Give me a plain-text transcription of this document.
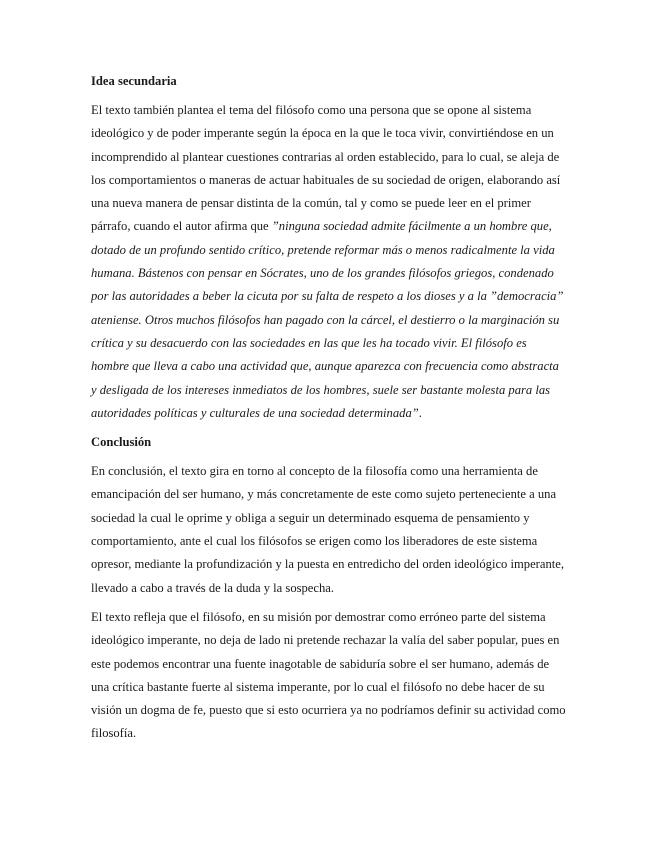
Idea secundaria

El texto también plantea el tema del filósofo como una persona que se opone al sistema ideológico y de poder imperante según la época en la que le toca vivir, convirtiéndose en un incomprendido al plantear cuestiones contrarias al orden establecido, para lo cual, se aleja de los comportamientos o maneras de actuar habituales de su sociedad de origen, elaborando así una nueva manera de pensar distinta de la común, tal y como se puede leer en el primer párrafo, cuando el autor afirma que ”ninguna sociedad admite fácilmente a un hombre que, dotado de un profundo sentido crítico, pretende reformar más o menos radicalmente la vida humana. Bástenos con pensar en Sócrates, uno de los grandes filósofos griegos, condenado por las autoridades a beber la cicuta por su falta de respeto a los dioses y a la ”democracia” ateniense. Otros muchos filósofos han pagado con la cárcel, el destierro o la marginación su crítica y su desacuerdo con las sociedades en las que les ha tocado vivir. El filósofo es hombre que lleva a cabo una actividad que, aunque aparezca con frecuencia como abstracta y desligada de los intereses inmediatos de los hombres, suele ser bastante molesta para las autoridades políticas y culturales de una sociedad determinada”.

Conclusión

En conclusión, el texto gira en torno al concepto de la filosofía como una herramienta de emancipación del ser humano, y más concretamente de este como sujeto perteneciente a una sociedad la cual le oprime y obliga a seguir un determinado esquema de pensamiento y comportamiento, ante el cual los filósofos se erigen como los liberadores de este sistema opresor, mediante la profundización y la puesta en entredicho del orden ideológico imperante, llevado a cabo a través de la duda y la sospecha.

El texto refleja que el filósofo, en su misión por demostrar como erróneo parte del sistema ideológico imperante, no deja de lado ni pretende rechazar la valía del saber popular, pues en este podemos encontrar una fuente inagotable de sabiduría sobre el ser humano, además de una crítica bastante fuerte al sistema imperante, por lo cual el filósofo no debe hacer de su visión un dogma de fe, puesto que si esto ocurriera ya no podríamos definir su actividad como filosofía.
